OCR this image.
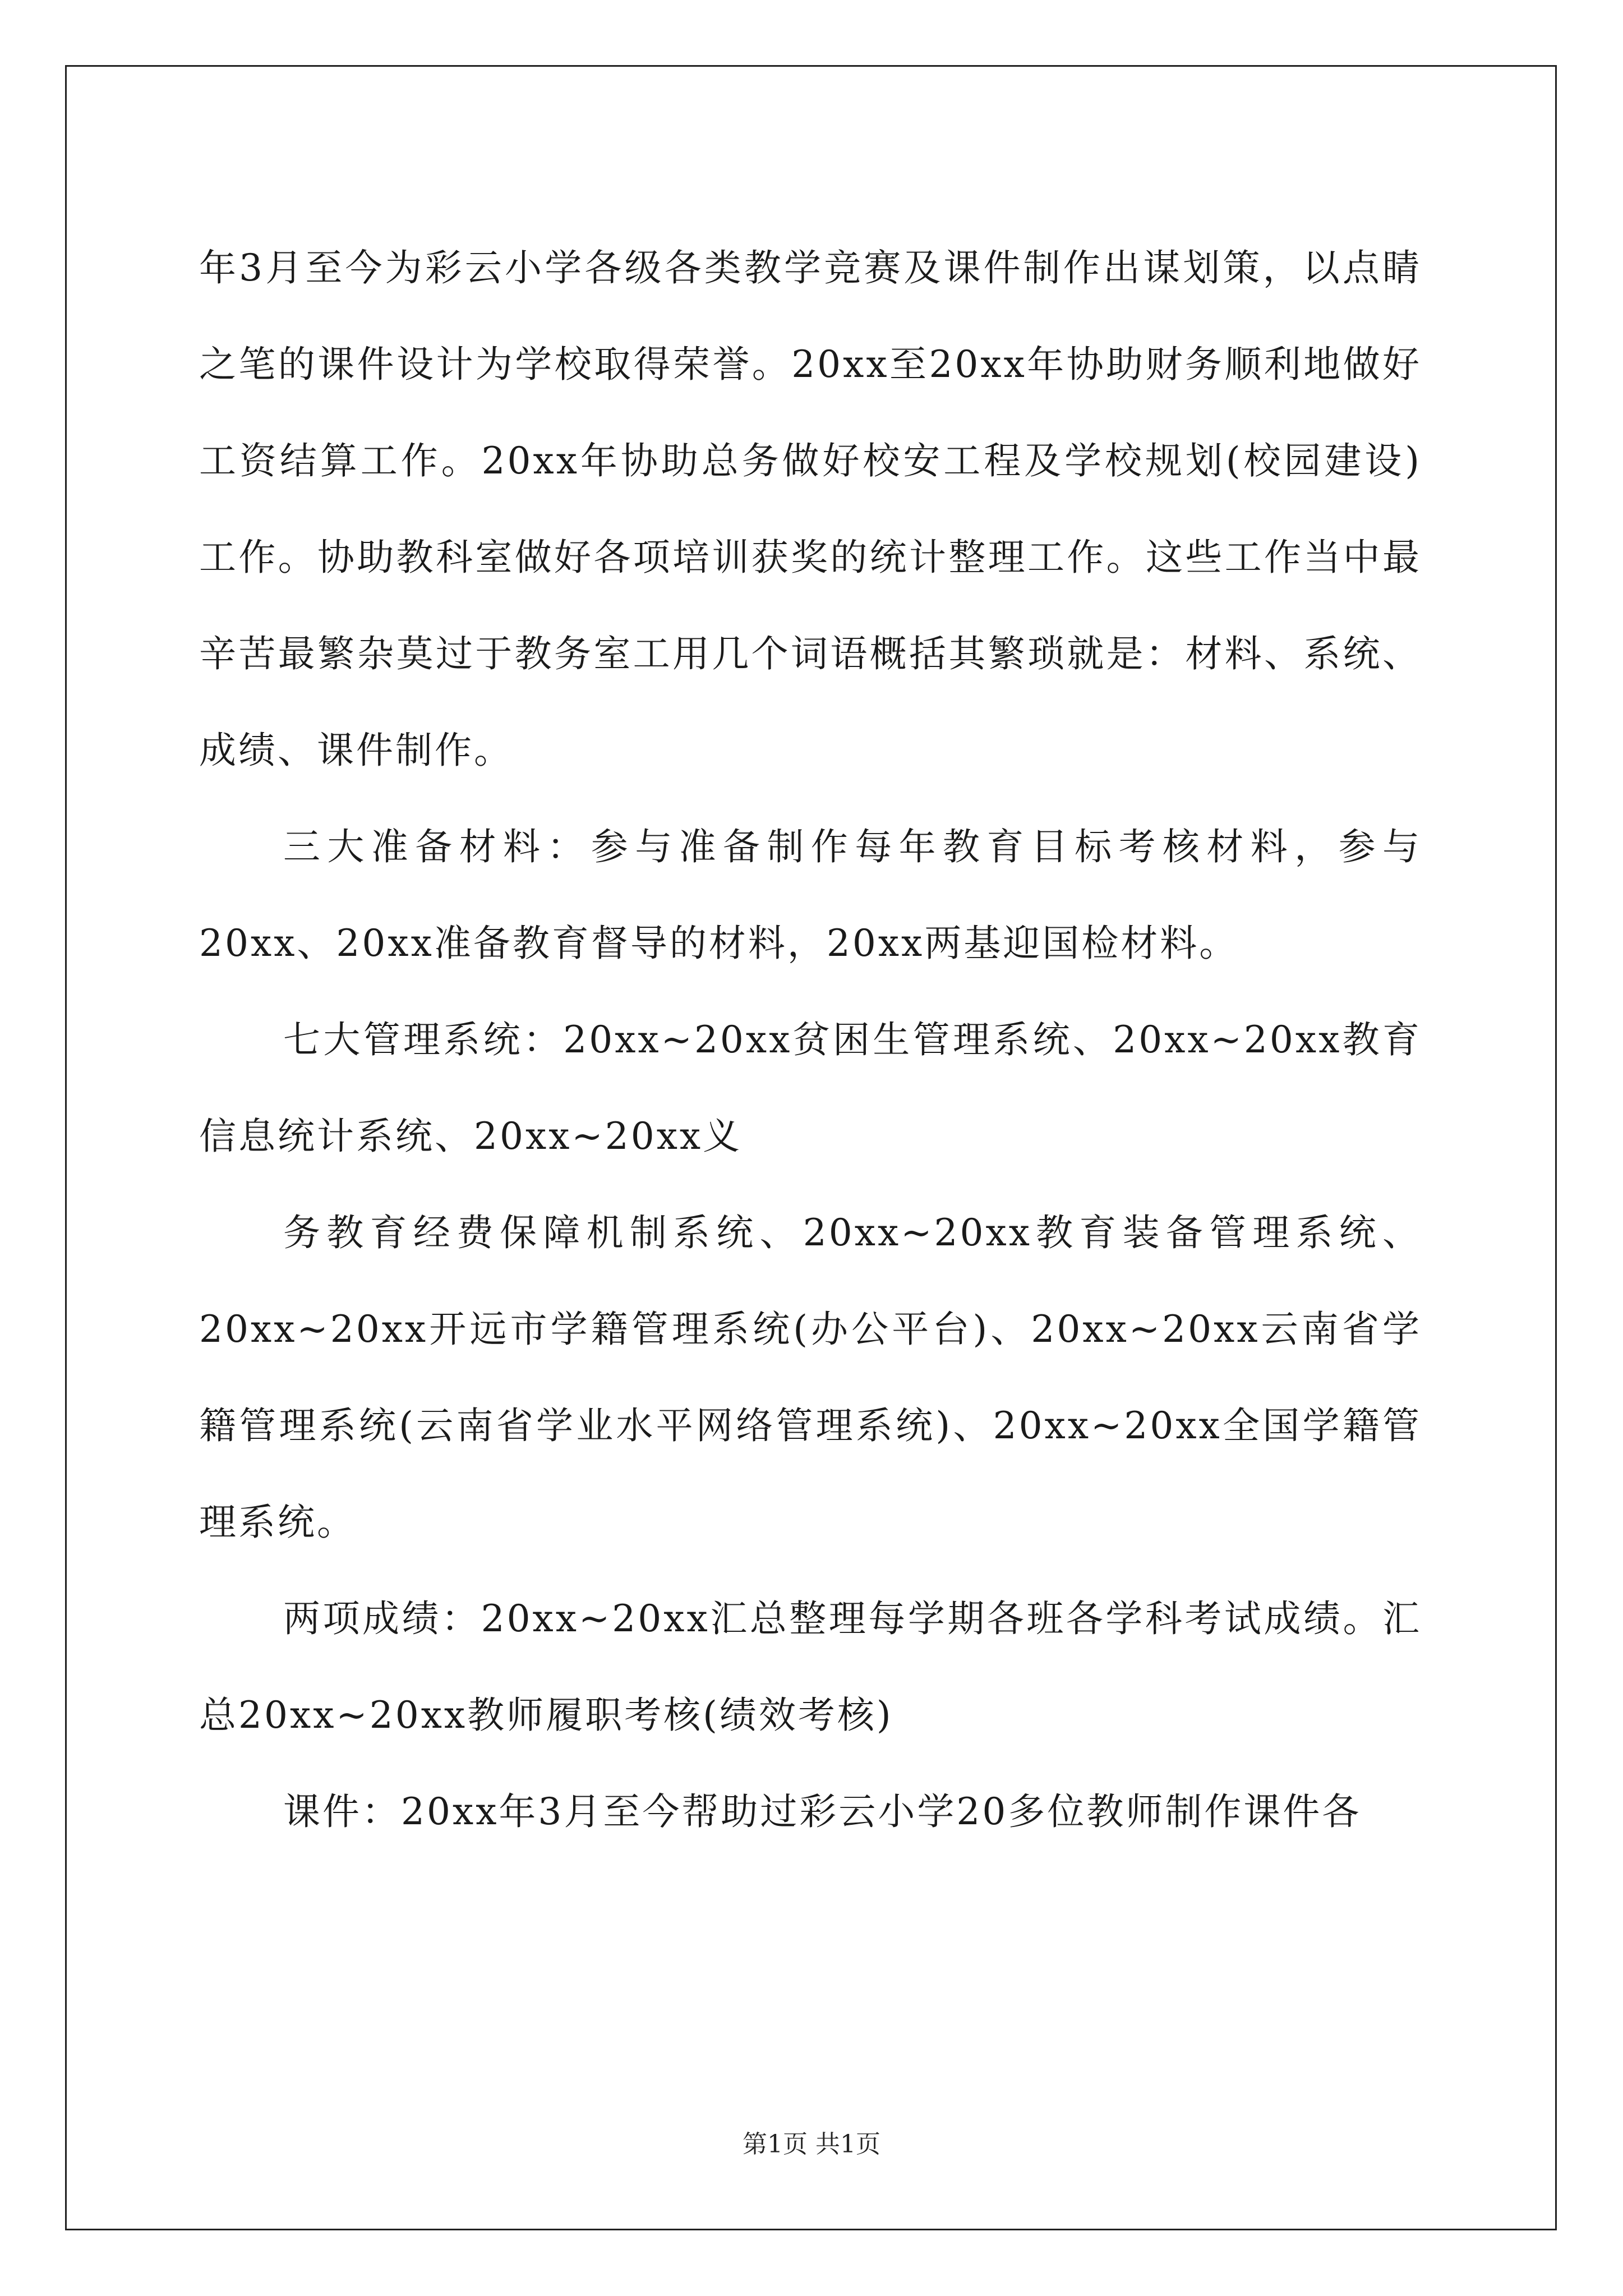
年3月至今为彩云小学各级各类教学竞赛及课件制作出谋划策，以点睛之笔的课件设计为学校取得荣誉。20xx至20xx年协助财务顺利地做好工资结算工作。20xx年协助总务做好校安工程及学校规划(校园建设)工作。协助教科室做好各项培训获奖的统计整理工作。这些工作当中最辛苦最繁杂莫过于教务室工用几个词语概括其繁琐就是：材料、系统、成绩、课件制作。

三大准备材料：参与准备制作每年教育目标考核材料，参与20xx、20xx准备教育督导的材料，20xx两基迎国检材料。

七大管理系统：20xx~20xx贫困生管理系统、20xx~20xx教育信息统计系统、20xx~20xx义

务教育经费保障机制系统、20xx~20xx教育装备管理系统、20xx~20xx开远市学籍管理系统(办公平台)、20xx~20xx云南省学籍管理系统(云南省学业水平网络管理系统)、20xx~20xx全国学籍管理系统。

两项成绩：20xx~20xx汇总整理每学期各班各学科考试成绩。汇总20xx~20xx教师履职考核(绩效考核)

课件：20xx年3月至今帮助过彩云小学20多位教师制作课件各

第1页 共1页
